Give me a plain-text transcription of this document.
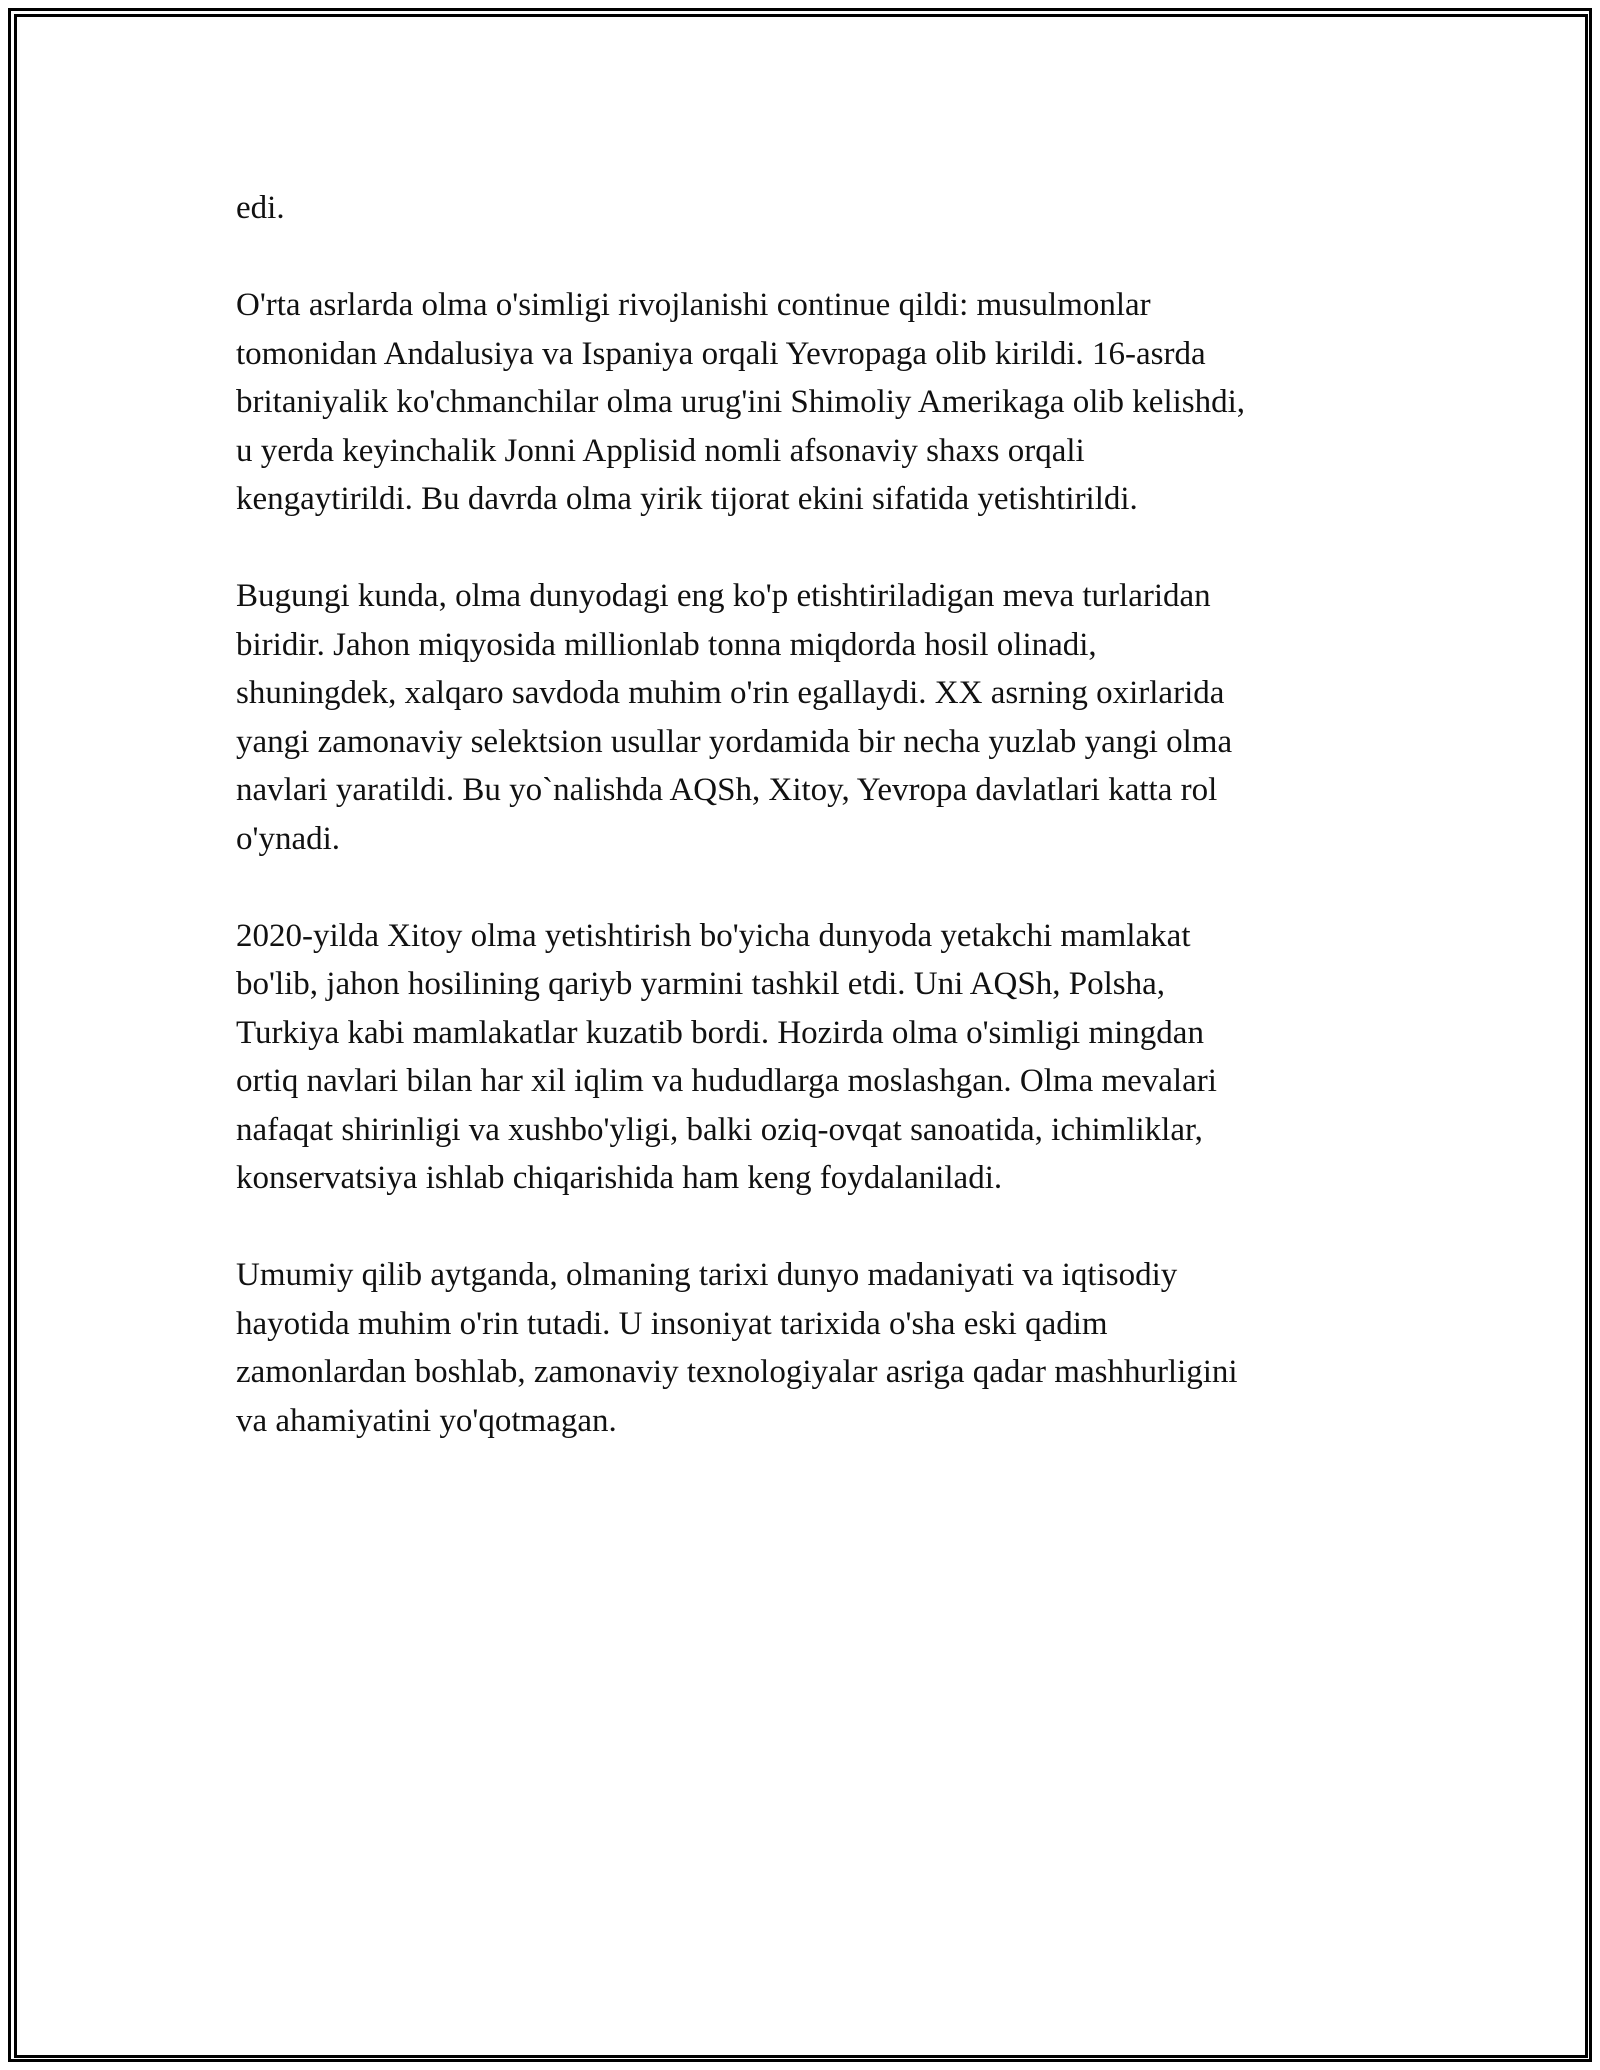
edi.

O'rta asrlarda olma o'simligi rivojlanishi continue qildi: musulmonlar
tomonidan Andalusiya va Ispaniya orqali Yevropaga olib kirildi. 16-asrda
britaniyalik ko'chmanchilar olma urug'ini Shimoliy Amerikaga olib kelishdi,
u yerda keyinchalik Jonni Applisid nomli afsonaviy shaxs orqali
kengaytirildi. Bu davrda olma yirik tijorat ekini sifatida yetishtirildi.

Bugungi kunda, olma dunyodagi eng ko'p etishtiriladigan meva turlaridan
biridir. Jahon miqyosida millionlab tonna miqdorda hosil olinadi,
shuningdek, xalqaro savdoda muhim o'rin egallaydi. XX asrning oxirlarida
yangi zamonaviy selektsion usullar yordamida bir necha yuzlab yangi olma
navlari yaratildi. Bu yo`nalishda AQSh, Xitoy, Yevropa davlatlari katta rol
o'ynadi.

2020-yilda Xitoy olma yetishtirish bo'yicha dunyoda yetakchi mamlakat
bo'lib, jahon hosilining qariyb yarmini tashkil etdi. Uni AQSh, Polsha,
Turkiya kabi mamlakatlar kuzatib bordi. Hozirda olma o'simligi mingdan
ortiq navlari bilan har xil iqlim va hududlarga moslashgan. Olma mevalari
nafaqat shirinligi va xushbo'yligi, balki oziq-ovqat sanoatida, ichimliklar,
konservatsiya ishlab chiqarishida ham keng foydalaniladi.

Umumiy qilib aytganda, olmaning tarixi dunyo madaniyati va iqtisodiy
hayotida muhim o'rin tutadi. U insoniyat tarixida o'sha eski qadim
zamonlardan boshlab, zamonaviy texnologiyalar asriga qadar mashhurligini
va ahamiyatini yo'qotmagan.
